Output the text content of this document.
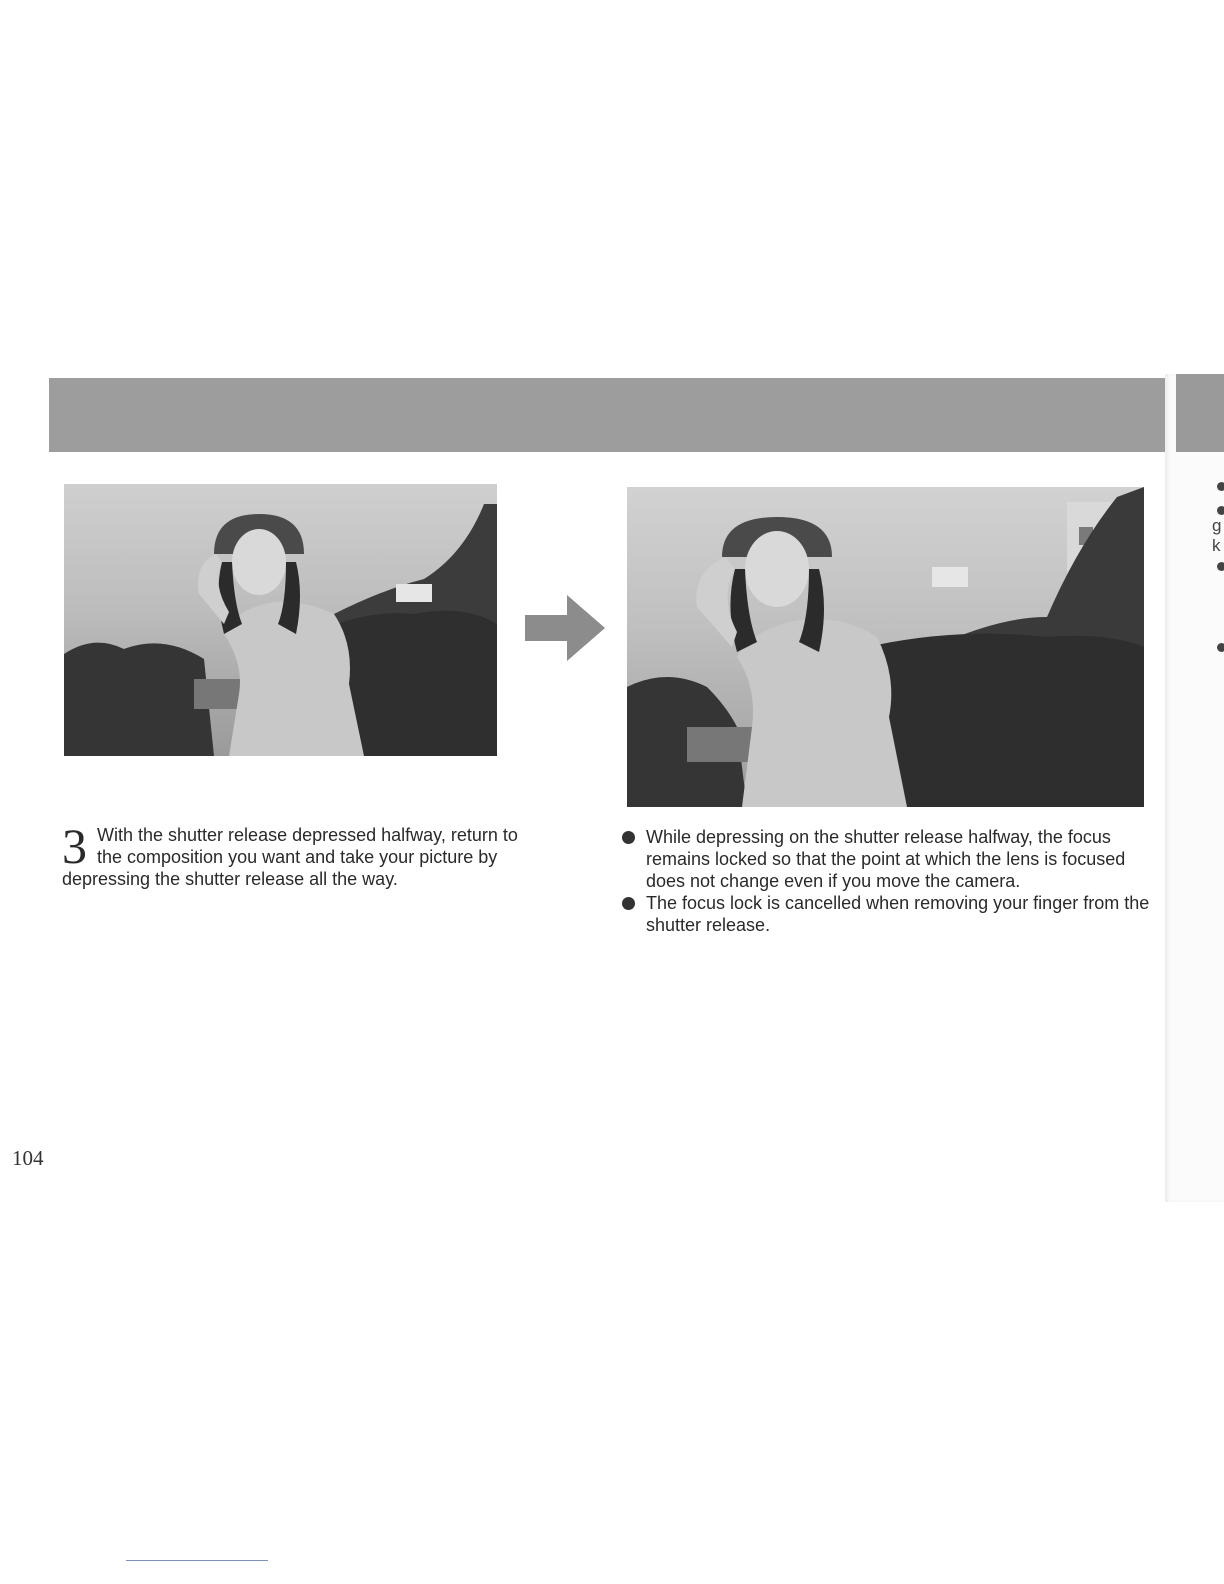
g
k
3 With the shutter release depressed halfway, return to
the composition you want and take your picture by
depressing the shutter release all the way.
While depressing on the shutter release halfway, the focus remains locked so that the point at which the lens is focused does not change even if you move the camera.
The focus lock is cancelled when removing your finger from the shutter release.
104
